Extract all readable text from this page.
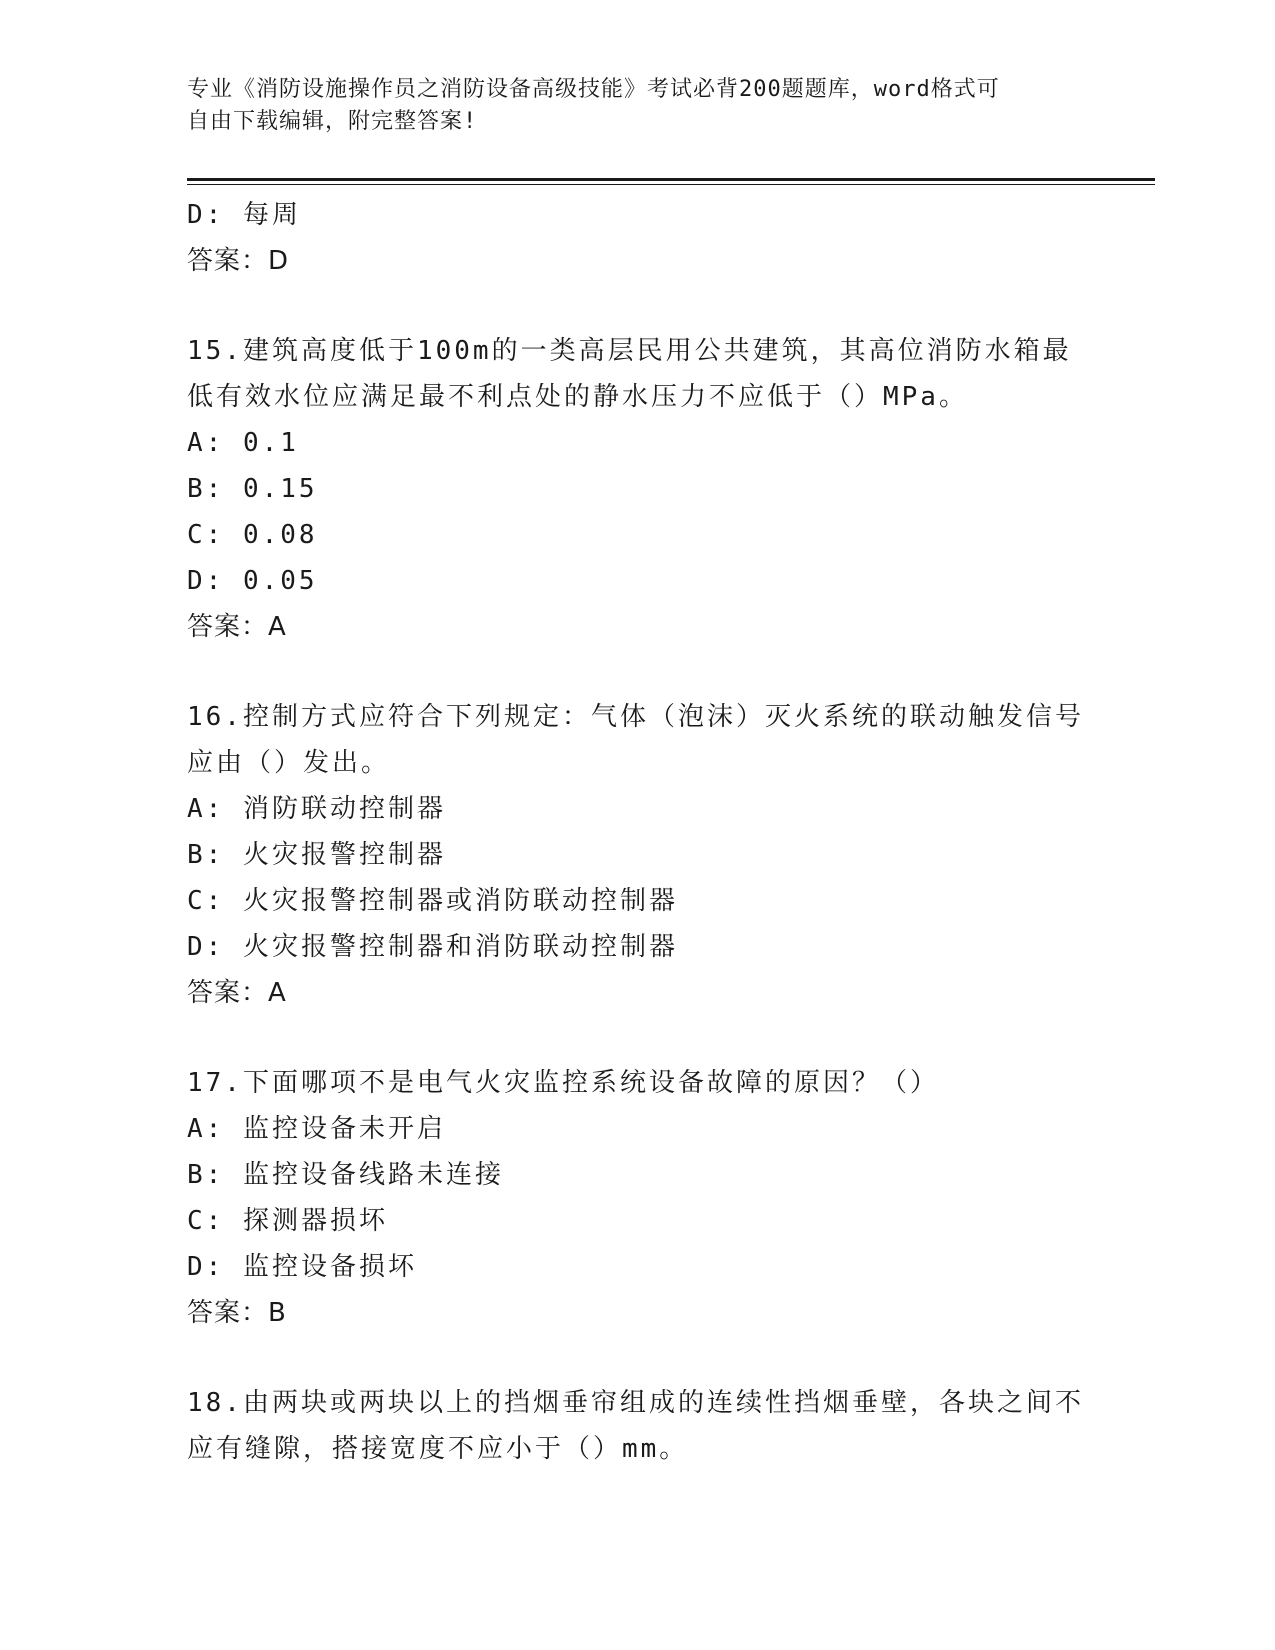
专业《消防设施操作员之消防设备高级技能》考试必背200题题库，word格式可
自由下载编辑，附完整答案!
D: 每周
答案：D
15.建筑高度低于100m的一类高层民用公共建筑，其高位消防水箱最
低有效水位应满足最不利点处的静水压力不应低于（）MPa。
A: 0.1
B: 0.15
C: 0.08
D: 0.05
答案：A
16.控制方式应符合下列规定：气体（泡沫）灭火系统的联动触发信号
应由（）发出。
A: 消防联动控制器
B: 火灾报警控制器
C: 火灾报警控制器或消防联动控制器
D: 火灾报警控制器和消防联动控制器
答案：A
17.下面哪项不是电气火灾监控系统设备故障的原因？（）
A: 监控设备未开启
B: 监控设备线路未连接
C: 探测器损坏
D: 监控设备损坏
答案：B
18.由两块或两块以上的挡烟垂帘组成的连续性挡烟垂壁，各块之间不
应有缝隙，搭接宽度不应小于（）mm。
